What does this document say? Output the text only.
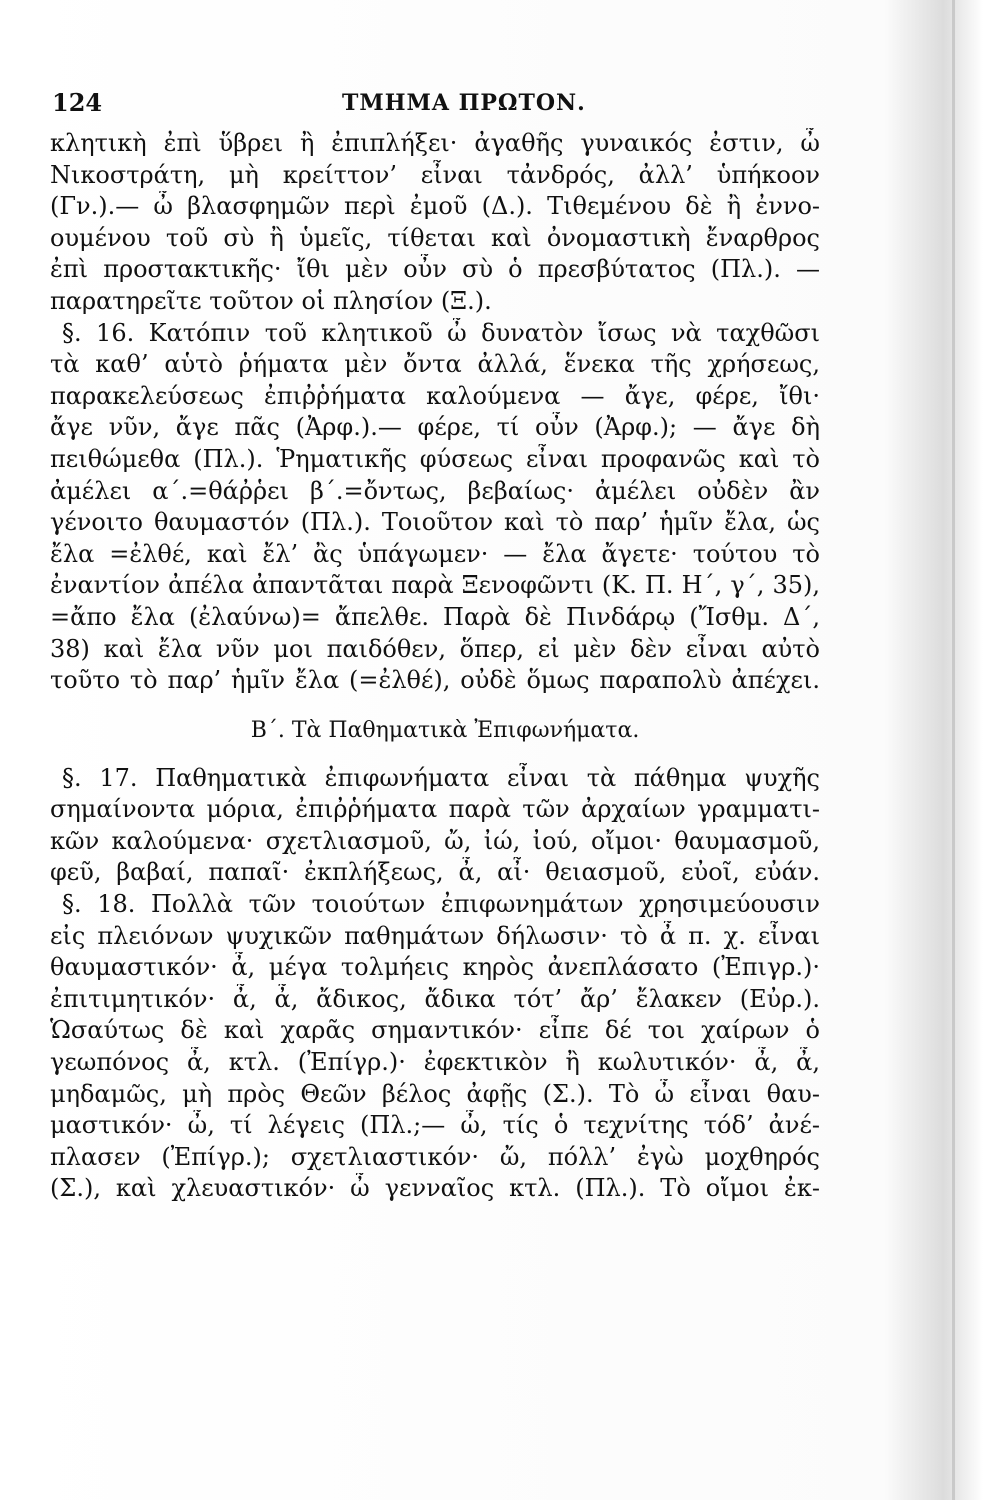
124	ΤΜΗΜΑ ΠΡΩΤΟΝ.
κλητικὴ ἐπὶ ὕβρει ἢ ἐπιπλήξει· ἀγαθῆς γυναικός ἐστιν, ὦ
Νικοστράτη, μὴ κρείττον’ εἶναι τἀνδρός, ἀλλ’ ὑπήκοον
(Γν.).— ὦ βλασφημῶν περὶ ἐμοῦ (Δ.). Τιθεμένου δὲ ἢ ἐννο-
ουμένου τοῦ σὺ ἢ ὑμεῖς, τίθεται καὶ ὀνομαστικὴ ἔναρθρος
ἐπὶ προστακτικῆς· ἴθι μὲν οὖν σὺ ὁ πρεσβύτατος (Πλ.). —
παρατηρεῖτε τοῦτον οἱ πλησίον (Ξ.).
§. 16. Κατόπιν τοῦ κλητικοῦ ὦ δυνατὸν ἴσως νὰ ταχθῶσι
τὰ καθ’ αὑτὸ ῥήματα μὲν ὄντα ἀλλά, ἕνεκα τῆς χρήσεως,
παρακελεύσεως ἐπιῤῥήματα καλούμενα — ἄγε, φέρε, ἴθι·
ἄγε νῦν, ἄγε πᾶς (Ἀρφ.).— φέρε, τί οὖν (Ἀρφ.); — ἄγε δὴ
πειθώμεθα (Πλ.). Ῥηματικῆς φύσεως εἶναι προφανῶς καὶ τὸ
ἀμέλει α΄.=θάῤῥει β΄.=ὄντως, βεβαίως· ἀμέλει οὐδὲν ἂν
γένοιτο θαυμαστόν (Πλ.). Τοιοῦτον καὶ τὸ παρ’ ἡμῖν ἔλα, ὡς
ἔλα =ἐλθέ, καὶ ἔλ’ ἂς ὑπάγωμεν· — ἔλα ἄγετε· τούτου τὸ
ἐναντίον ἀπέλα ἀπαντᾶται παρὰ Ξενοφῶντι (Κ. Π. Η΄, γ΄, 35),
=ἄπο ἔλα (ἐλαύνω)= ἄπελθε. Παρὰ δὲ Πινδάρῳ (Ἴσθμ. Δ΄,
38) καὶ ἔλα νῦν μοι παιδόθεν, ὅπερ, εἰ μὲν δὲν εἶναι αὐτὸ
τοῦτο τὸ παρ’ ἡμῖν ἔλα (=ἐλθέ), οὐδὲ ὅμως παραπολὺ ἀπέχει.
Β΄. Τὰ Παθηματικὰ Ἐπιφωνήματα.
§. 17. Παθηματικὰ ἐπιφωνήματα εἶναι τὰ πάθημα ψυχῆς
σημαίνοντα μόρια, ἐπιῤῥήματα παρὰ τῶν ἀρχαίων γραμματι-
κῶν καλούμενα· σχετλιασμοῦ, ὤ, ἰώ, ἰού, οἴμοι· θαυμασμοῦ,
φεῦ, βαβαί, παπαῖ· ἐκπλήξεως, ἆ, αἶ· θειασμοῦ, εὐοῖ, εὐάν.
§. 18. Πολλὰ τῶν τοιούτων ἐπιφωνημάτων χρησιμεύουσιν
εἰς πλειόνων ψυχικῶν παθημάτων δήλωσιν· τὸ ἆ π. χ. εἶναι
θαυμαστικόν· ἆ, μέγα τολμήεις κηρὸς ἀνεπλάσατο (Ἐπιγρ.)·
ἐπιτιμητικόν· ἆ, ἆ, ἄδικος, ἄδικα τότ’ ἄρ’ ἔλακεν (Εὐρ.).
Ὡσαύτως δὲ καὶ χαρᾶς σημαντικόν· εἶπε δέ τοι χαίρων ὁ
γεωπόνος ἆ, κτλ. (Ἐπίγρ.)· ἐφεκτικὸν ἢ κωλυτικόν· ἆ, ἆ,
μηδαμῶς, μὴ πρὸς Θεῶν βέλος ἀφῇς (Σ.). Τὸ ὦ εἶναι θαυ-
μαστικόν· ὦ, τί λέγεις (Πλ.;— ὦ, τίς ὁ τεχνίτης τόδ’ ἀνέ-
πλασεν (Ἐπίγρ.); σχετλιαστικόν· ὤ, πόλλ’ ἐγὼ μοχθηρός
(Σ.), καὶ χλευαστικόν· ὦ γενναῖος κτλ. (Πλ.). Τὸ οἴμοι ἐκ-
